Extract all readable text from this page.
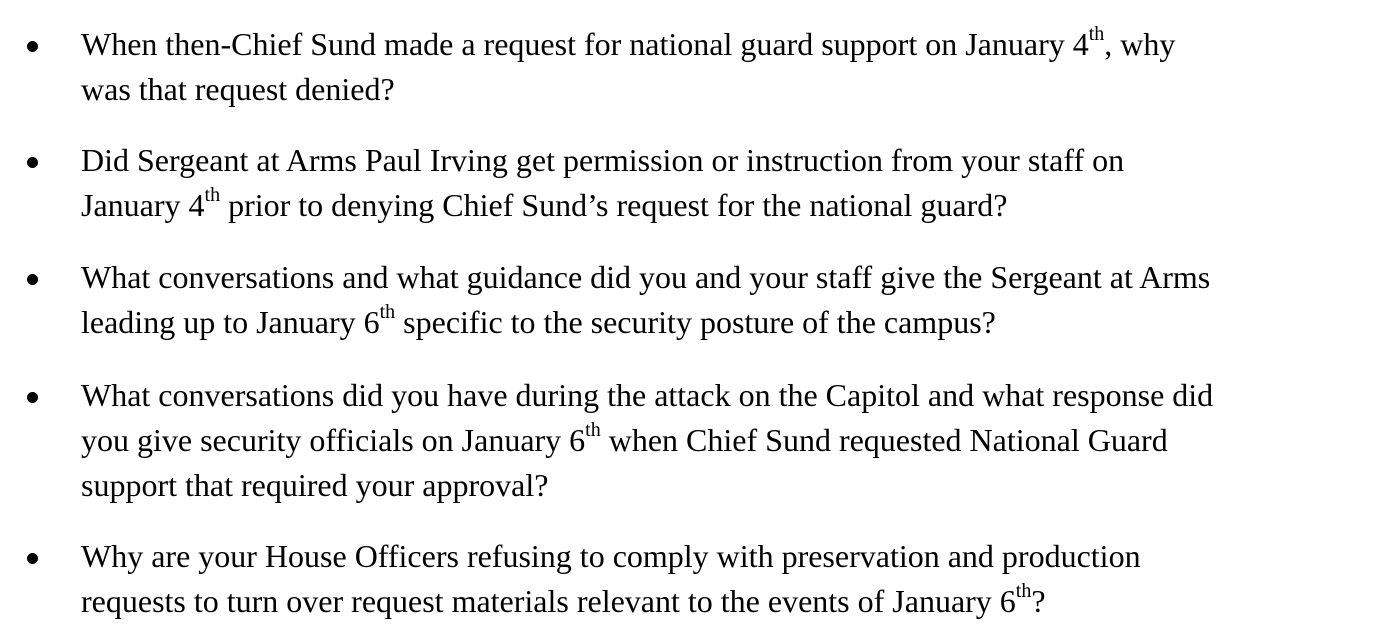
When then-Chief Sund made a request for national guard support on January 4th, why
was that request denied?
Did Sergeant at Arms Paul Irving get permission or instruction from your staff on
January 4th prior to denying Chief Sund’s request for the national guard?
What conversations and what guidance did you and your staff give the Sergeant at Arms
leading up to January 6th specific to the security posture of the campus?
What conversations did you have during the attack on the Capitol and what response did
you give security officials on January 6th when Chief Sund requested National Guard
support that required your approval?
Why are your House Officers refusing to comply with preservation and production
requests to turn over request materials relevant to the events of January 6th?
